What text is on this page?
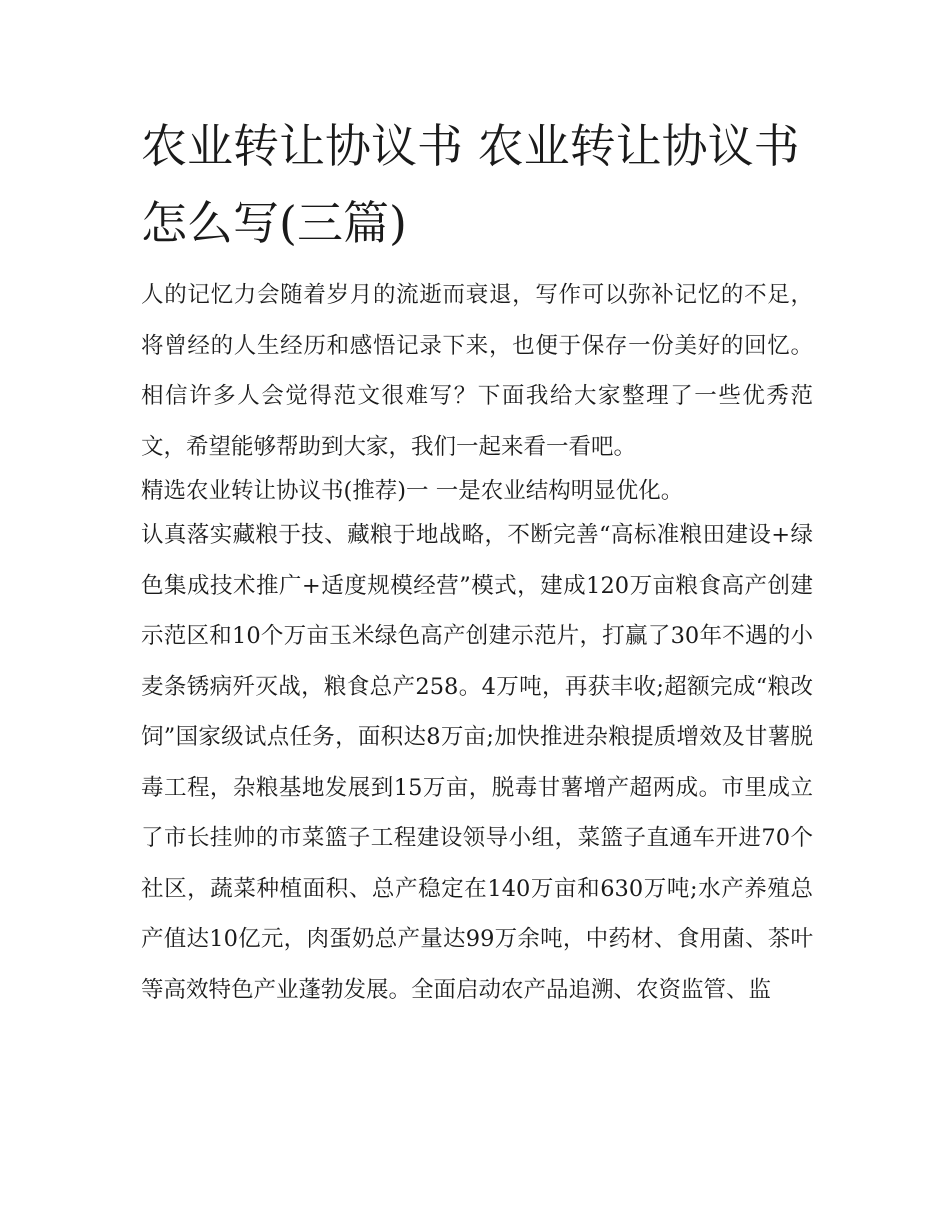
农业转让协议书 农业转让协议书怎么写(三篇)

人的记忆力会随着岁月的流逝而衰退，写作可以弥补记忆的不足，将曾经的人生经历和感悟记录下来，也便于保存一份美好的回忆。相信许多人会觉得范文很难写？下面我给大家整理了一些优秀范文，希望能够帮助到大家，我们一起来看一看吧。

精选农业转让协议书(推荐)一 一是农业结构明显优化。

认真落实藏粮于技、藏粮于地战略，不断完善“高标准粮田建设+绿色集成技术推广+适度规模经营”模式，建成120万亩粮食高产创建示范区和10个万亩玉米绿色高产创建示范片，打赢了30年不遇的小麦条锈病歼灭战，粮食总产258。4万吨，再获丰收;超额完成“粮改饲”国家级试点任务，面积达8万亩;加快推进杂粮提质增效及甘薯脱毒工程，杂粮基地发展到15万亩，脱毒甘薯增产超两成。市里成立了市长挂帅的市菜篮子工程建设领导小组，菜篮子直通车开进70个社区，蔬菜种植面积、总产稳定在140万亩和630万吨;水产养殖总产值达10亿元，肉蛋奶总产量达99万余吨，中药材、食用菌、茶叶等高效特色产业蓬勃发展。全面启动农产品追溯、农资监管、监
